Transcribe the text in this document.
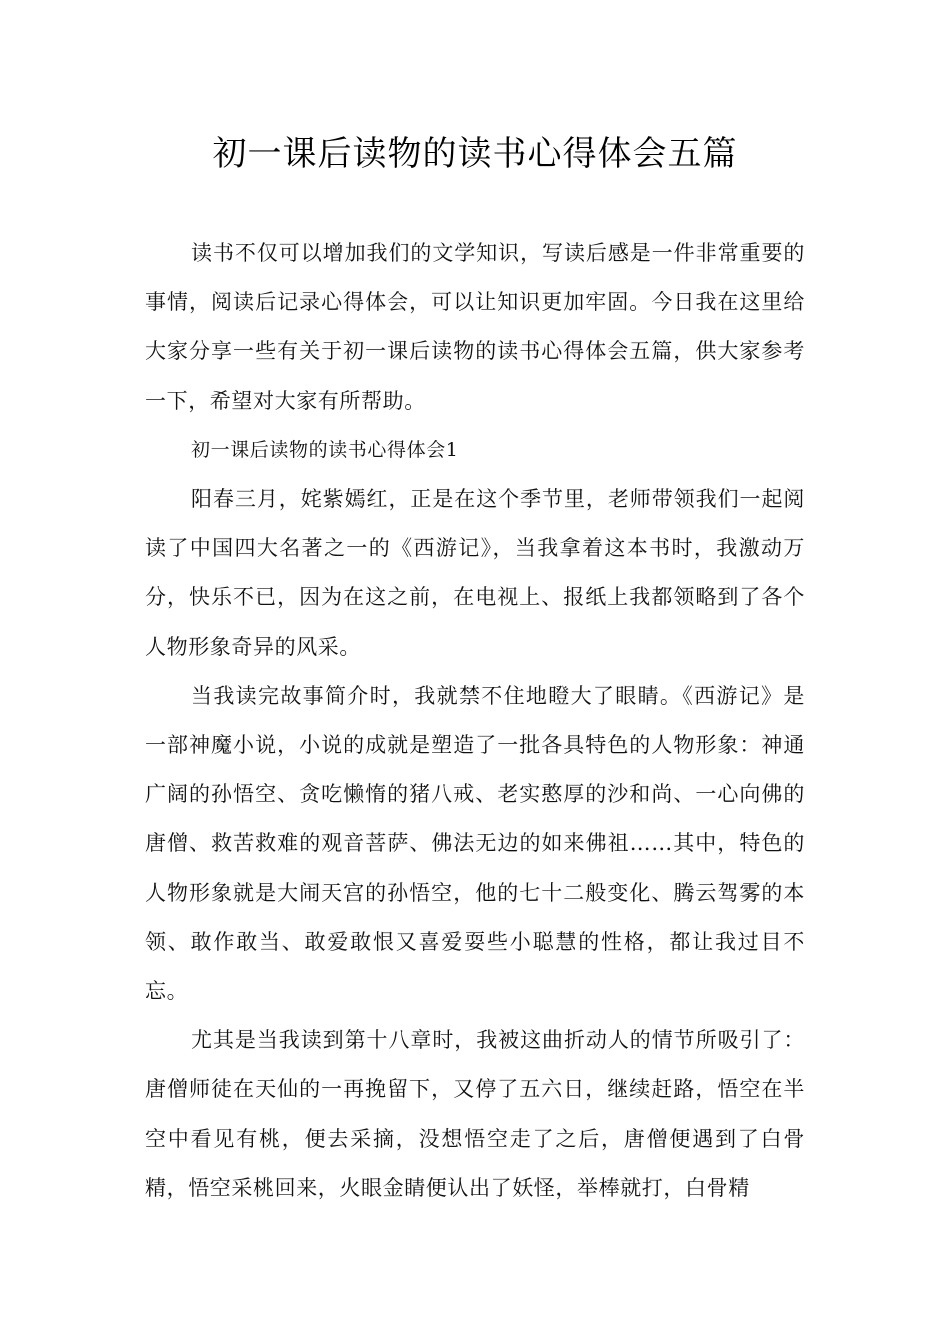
初一课后读物的读书心得体会五篇

读书不仅可以增加我们的文学知识，写读后感是一件非常重要的事情，阅读后记录心得体会，可以让知识更加牢固。今日我在这里给大家分享一些有关于初一课后读物的读书心得体会五篇，供大家参考一下，希望对大家有所帮助。

初一课后读物的读书心得体会1

阳春三月，姹紫嫣红，正是在这个季节里，老师带领我们一起阅读了中国四大名著之一的《西游记》，当我拿着这本书时，我激动万分，快乐不已，因为在这之前，在电视上、报纸上我都领略到了各个人物形象奇异的风采。

当我读完故事简介时，我就禁不住地瞪大了眼睛。《西游记》是一部神魔小说，小说的成就是塑造了一批各具特色的人物形象：神通广阔的孙悟空、贪吃懒惰的猪八戒、老实憨厚的沙和尚、一心向佛的唐僧、救苦救难的观音菩萨、佛法无边的如来佛祖……其中，特色的人物形象就是大闹天宫的孙悟空，他的七十二般变化、腾云驾雾的本领、敢作敢当、敢爱敢恨又喜爱耍些小聪慧的性格，都让我过目不忘。

尤其是当我读到第十八章时，我被这曲折动人的情节所吸引了：唐僧师徒在天仙的一再挽留下，又停了五六日，继续赶路，悟空在半空中看见有桃，便去采摘，没想悟空走了之后，唐僧便遇到了白骨精，悟空采桃回来，火眼金睛便认出了妖怪，举棒就打，白骨精
